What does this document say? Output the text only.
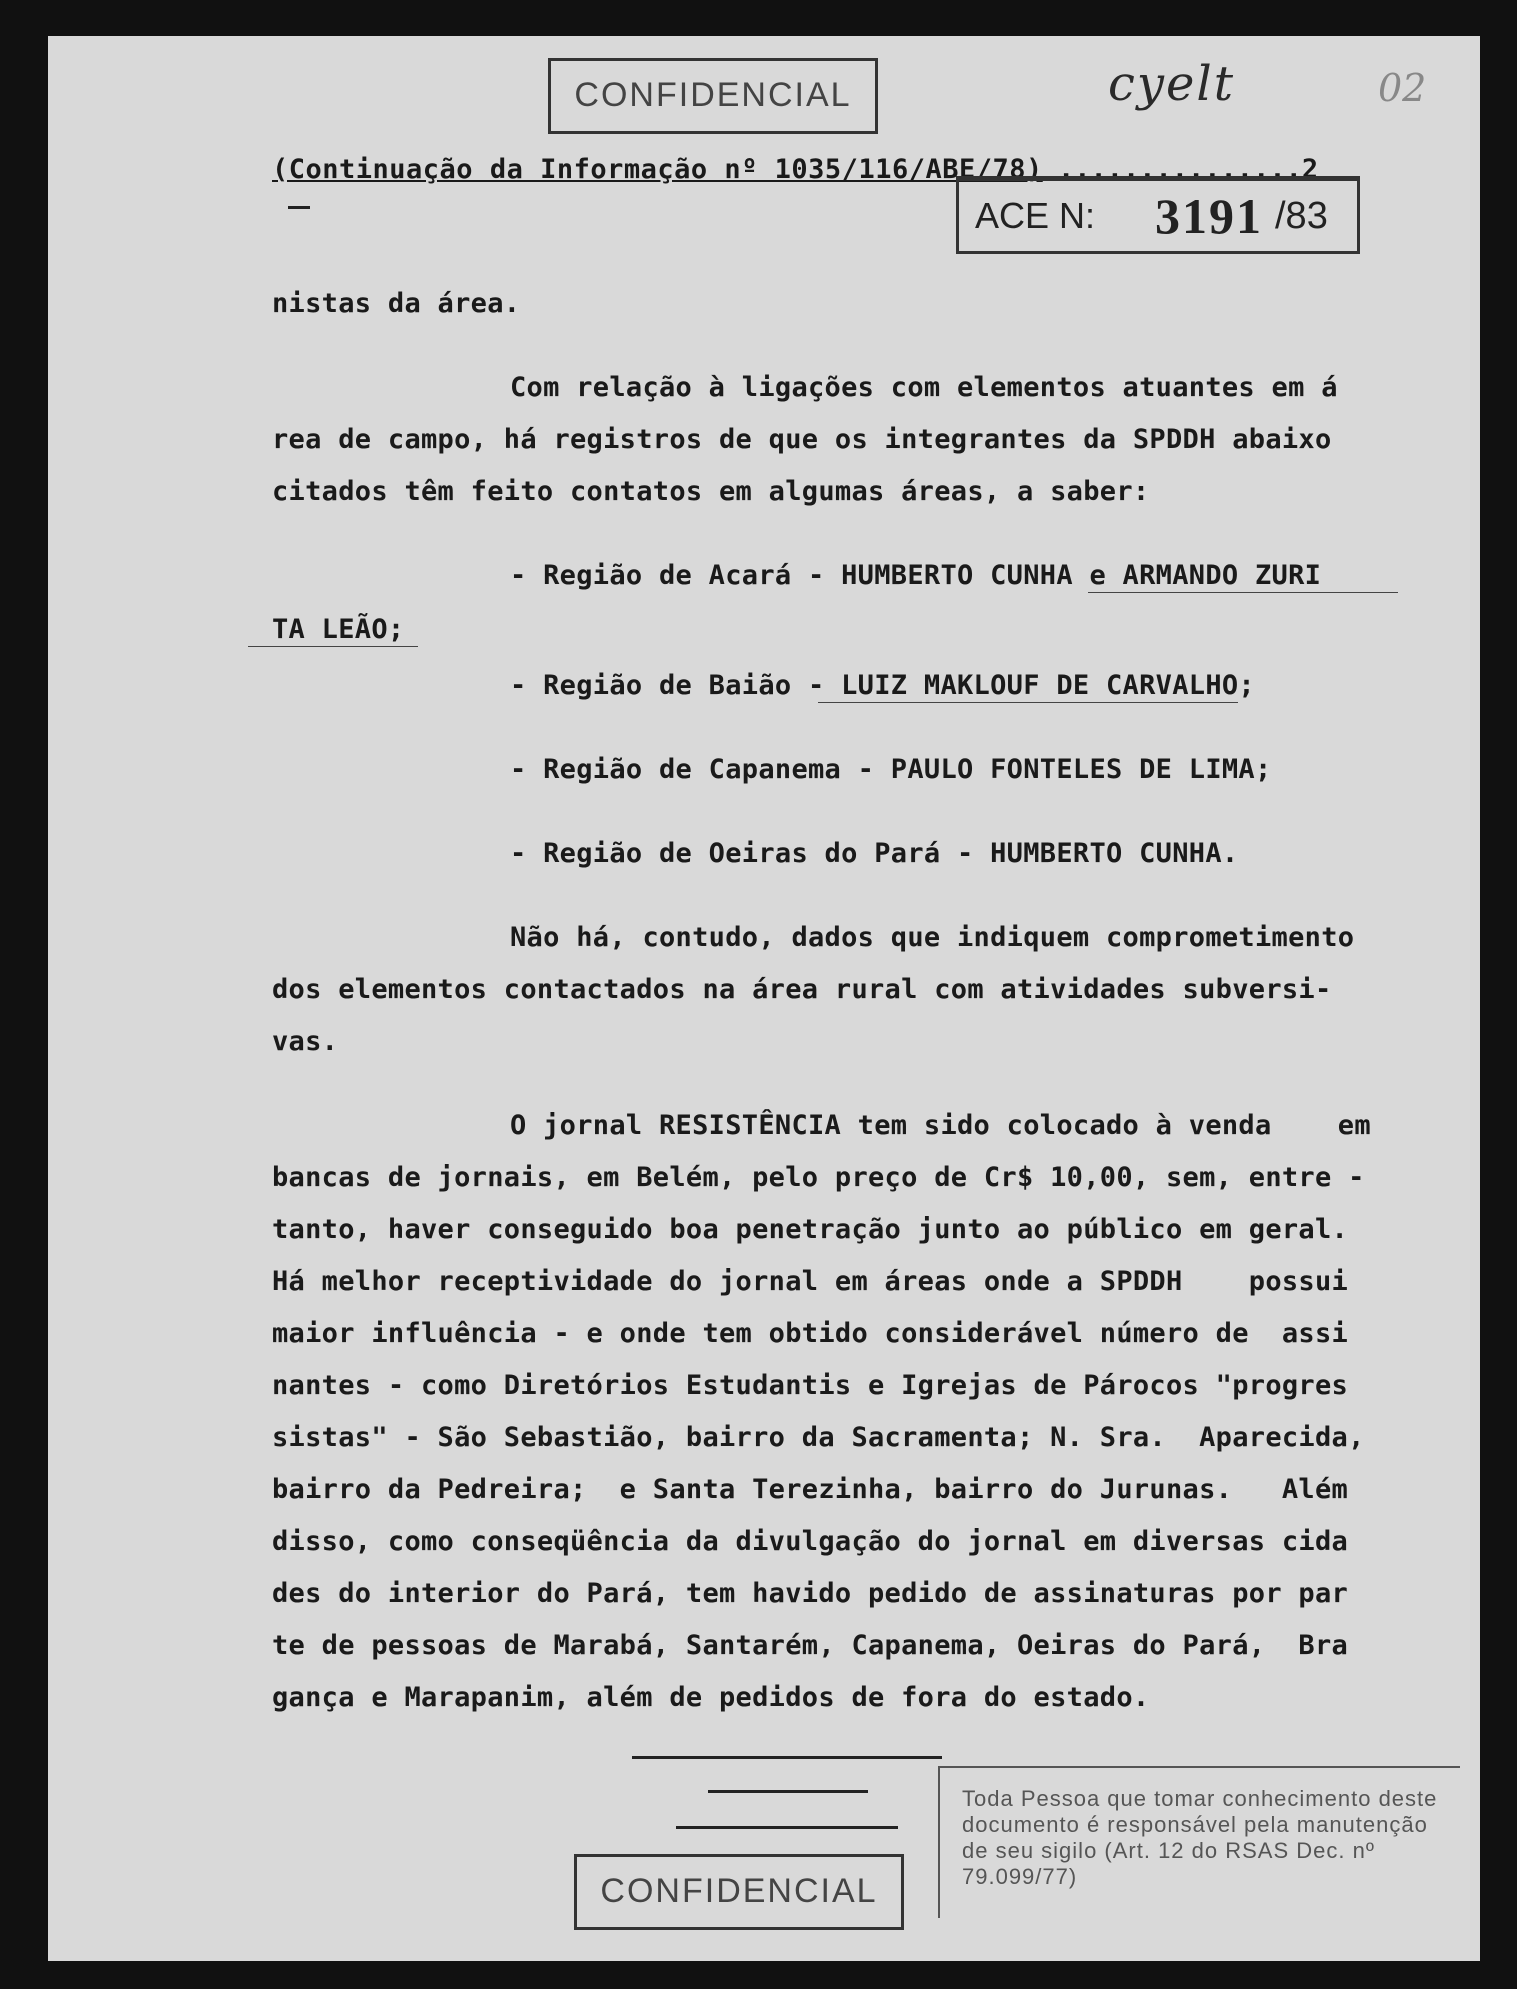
CONFIDENCIAL	cyelt	02
(Continuação da Informação nº 1035/116/ABE/78) ...............2
ACE N: 3191 /83
nistas da área.
Com relação à ligações com elementos atuantes em á
rea de campo, há registros de que os integrantes da SPDDH abaixo
citados têm feito contatos em algumas áreas, a saber:
- Região de Acará - HUMBERTO CUNHA e ARMANDO ZURI
TA LEÃO;
- Região de Baião - LUIZ MAKLOUF DE CARVALHO;
- Região de Capanema - PAULO FONTELES DE LIMA;
- Região de Oeiras do Pará - HUMBERTO CUNHA.
Não há, contudo, dados que indiquem comprometimento
dos elementos contactados na área rural com atividades subversi-
vas.
O jornal RESISTÊNCIA tem sido colocado à venda    em
bancas de jornais, em Belém, pelo preço de Cr$ 10,00, sem, entre -
tanto, haver conseguido boa penetração junto ao público em geral.
Há melhor receptividade do jornal em áreas onde a SPDDH    possui
maior influência - e onde tem obtido considerável número de  assi
nantes - como Diretórios Estudantis e Igrejas de Párocos "progres
sistas" - São Sebastião, bairro da Sacramenta; N. Sra.  Aparecida,
bairro da Pedreira;  e Santa Terezinha, bairro do Jurunas.   Além
disso, como conseqüência da divulgação do jornal em diversas cida
des do interior do Pará, tem havido pedido de assinaturas por par
te de pessoas de Marabá, Santarém, Capanema, Oeiras do Pará,  Bra
gança e Marapanim, além de pedidos de fora do estado.
CONFIDENCIAL
Toda Pessoa que tomar conhecimento deste documento é responsável pela manutenção de seu sigilo (Art. 12 do RSAS Dec. nº 79.099/77)
